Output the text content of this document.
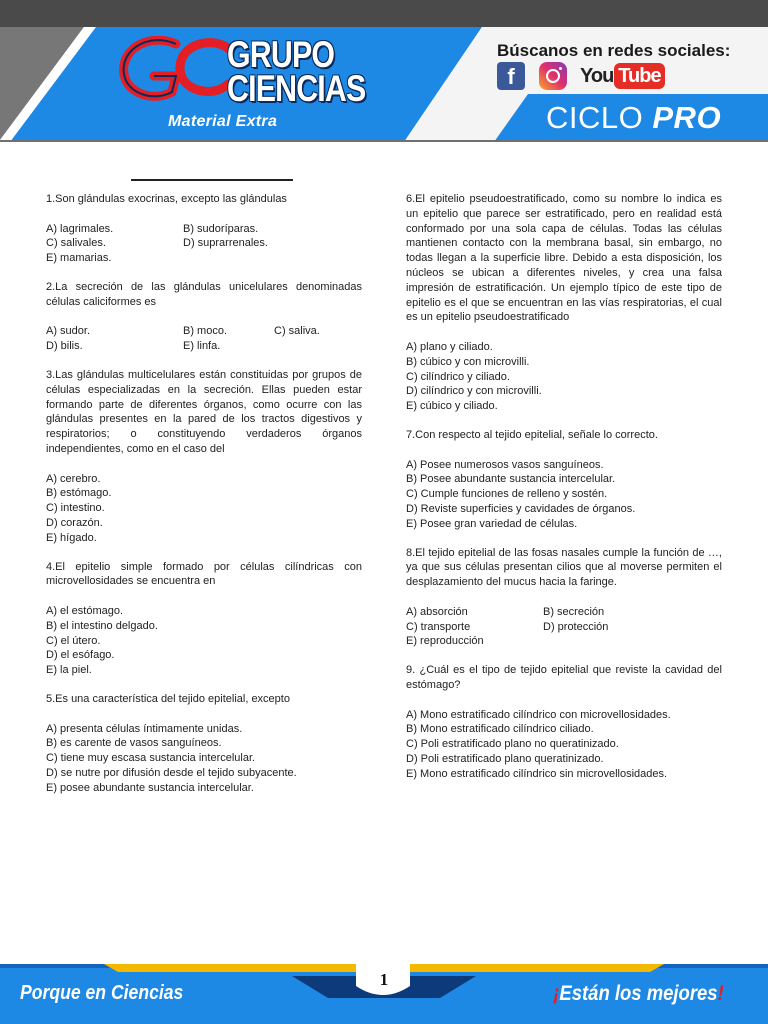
GRUPO
CIENCIAS
Material Extra
Búscanos en redes sociales:
f	You Tube
CICLO PRO
1.Son glándulas exocrinas, excepto las glándulas
A) lagrimales.	B) sudoríparas.
C) salivales.	D) suprarrenales.
E) mamarias.
2.La secreción de las glándulas unicelulares denominadas células caliciformes es
A) sudor.	B) moco.	C) saliva.
D) bilis.	E) linfa.
3.Las glándulas multicelulares están constituidas por grupos de células especializadas en la secreción. Ellas pueden estar formando parte de diferentes órganos, como ocurre con las glándulas presentes en la pared de los tractos digestivos y respiratorios; o constituyendo verdaderos órganos independientes, como en el caso del
A) cerebro.
B) estómago.
C) intestino.
D) corazón.
E) hígado.
4.El epitelio simple formado por células cilíndricas con microvellosidades se encuentra en
A) el estómago.
B) el intestino delgado.
C) el útero.
D) el esófago.
E) la piel.
5.Es una característica del tejido epitelial, excepto
A) presenta células íntimamente unidas.
B) es carente de vasos sanguíneos.
C) tiene muy escasa sustancia intercelular.
D) se nutre por difusión desde el tejido subyacente.
E) posee abundante sustancia intercelular.
6.El epitelio pseudoestratificado, como su nombre lo indica es un epitelio que parece ser estratificado, pero en realidad está conformado por una sola capa de células. Todas las células mantienen contacto con la membrana basal, sin embargo, no todas llegan a la superficie libre. Debido a esta disposición, los núcleos se ubican a diferentes niveles, y crea una falsa impresión de estratificación. Un ejemplo típico de este tipo de epitelio es el que se encuentran en las vías respiratorias, el cual es un epitelio pseudoestratificado
A) plano y ciliado.
B) cúbico y con microvilli.
C) cilíndrico y ciliado.
D) cilíndrico y con microvilli.
E) cúbico y ciliado.
7.Con respecto al tejido epitelial, señale lo correcto.
A) Posee numerosos vasos sanguíneos.
B) Posee abundante sustancia intercelular.
C) Cumple funciones de relleno y sostén.
D) Reviste superficies y cavidades de órganos.
E) Posee gran variedad de células.
8.El tejido epitelial de las fosas nasales cumple la función de …, ya que sus células presentan cilios que al moverse permiten el desplazamiento del mucus hacia la faringe.
A) absorción	B) secreción
C) transporte	D) protección
E) reproducción
9. ¿Cuál es el tipo de tejido epitelial que reviste la cavidad del estómago?
A) Mono estratificado cilíndrico con microvellosidades.
B) Mono estratificado cilíndrico ciliado.
C) Poli estratificado plano no queratinizado.
D) Poli estratificado plano queratinizado.
E) Mono estratificado cilíndrico sin microvellosidades.
1
Porque en Ciencias	¡Están los mejores!
